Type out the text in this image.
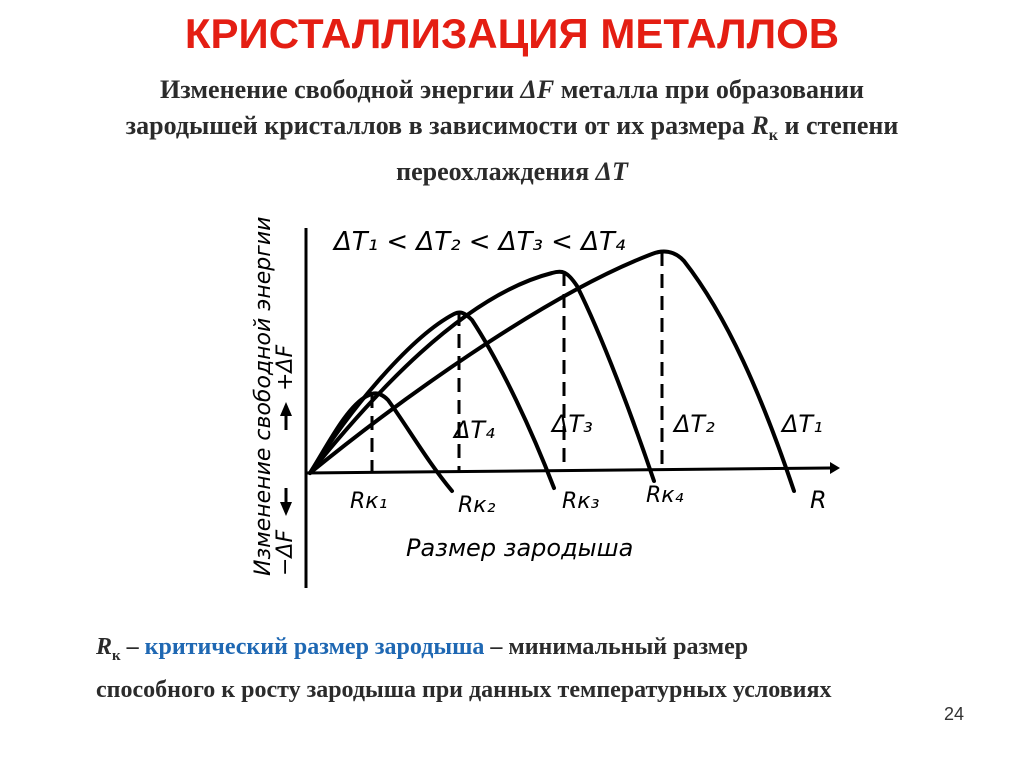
КРИСТАЛЛИЗАЦИЯ МЕТАЛЛОВ
Изменение свободной энергии ΔF металла при образовании
зародышей кристаллов в зависимости от их размера $R_к$ и степени
переохлаждения ΔT
ΔT₁ < ΔT₂ < ΔT₃ < ΔT₄
Изменение свободной энергии
+ΔF
−ΔF
ΔT₄ ΔT₃	ΔT₂	ΔT₁
Rк₁	Rк₂	Rк₃ Rк₄	R
Размер зародыша
$R_к$ – критический размер зародыша – минимальный размер
способного к росту зародыша при данных температурных условиях
24
